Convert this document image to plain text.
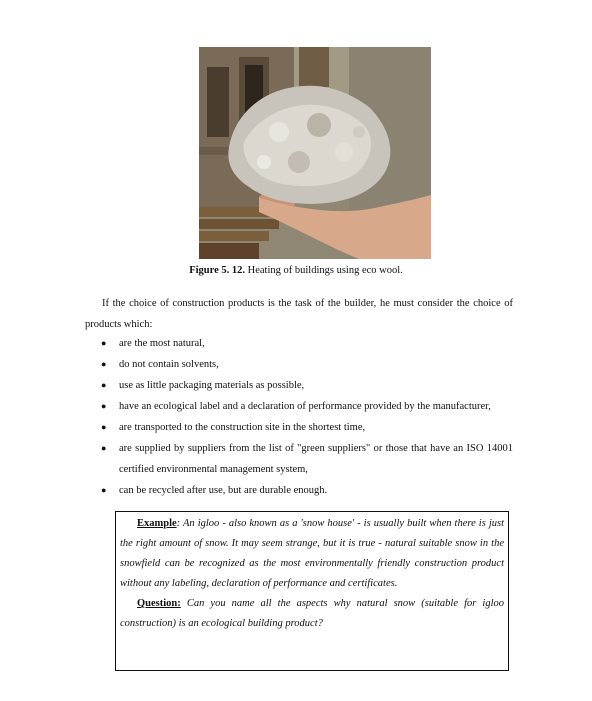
Figure 5. 12. Heating of buildings using eco wool.
If the choice of construction products is the task of the builder, he must consider the choice of products which:
● are the most natural,
● do not contain solvents,
● use as little packaging materials as possible,
● have an ecological label and a declaration of performance provided by the manufacturer,
● are transported to the construction site in the shortest time,
● are supplied by suppliers from the list of "green suppliers" or those that have an ISO 14001 certified environmental management system,
● can be recycled after use, but are durable enough.

Example: An igloo - also known as a 'snow house' - is usually built when there is just the right amount of snow. It may seem strange, but it is true - natural suitable snow in the snowfield can be recognized as the most environmentally friendly construction product without any labeling, declaration of performance and certificates.

Question: Can you name all the aspects why natural snow (suitable for igloo construction) is an ecological building product?
